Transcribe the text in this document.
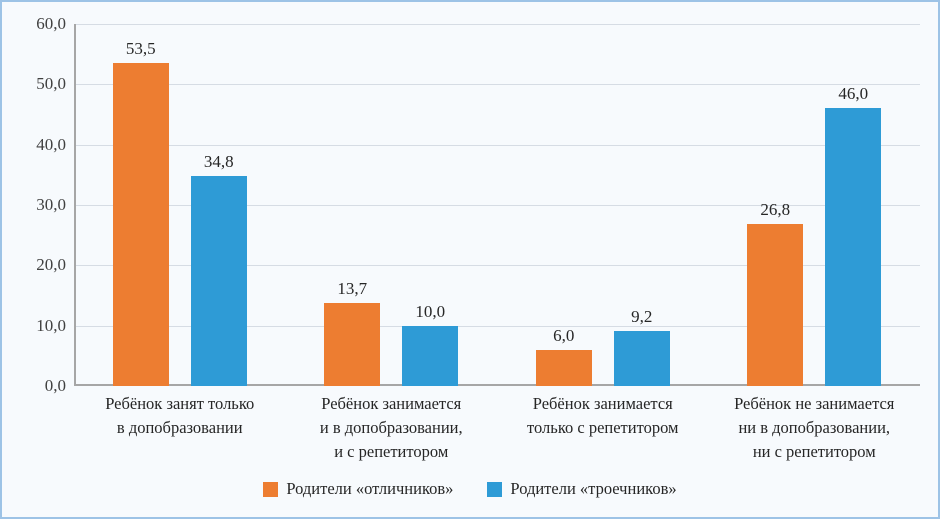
60,0
50,0
40,0
30,0
20,0
10,0
0,0
53,5
34,8
13,7
10,0
6,0
9,2
26,8
46,0
Ребёнок занят только
в допобразовании
Ребёнок занимается
и в допобразовании,
и с репетитором
Ребёнок занимается
только с репетитором
Ребёнок не занимается
ни в допобразовании,
ни с репетитором
Родители «отличников»	Родители «троечников»
